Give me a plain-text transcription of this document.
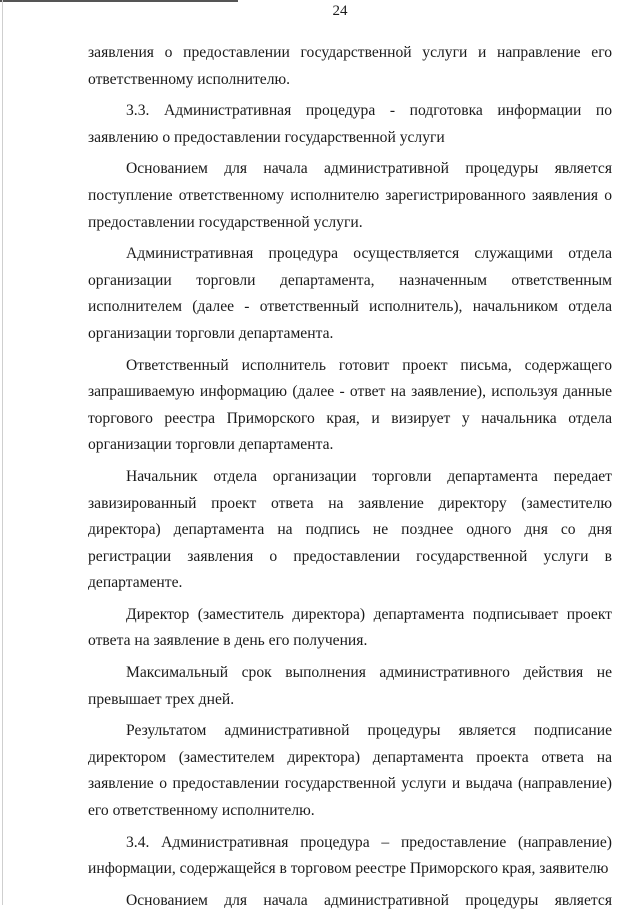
24

заявления о предоставлении государственной услуги и направление его ответственному исполнителю.

3.3. Административная процедура - подготовка информации по заявлению о предоставлении государственной услуги

Основанием для начала административной процедуры является поступление ответственному исполнителю зарегистрированного заявления о предоставлении государственной услуги.

Административная процедура осуществляется служащими отдела организации торговли департамента, назначенным ответственным исполнителем (далее - ответственный исполнитель), начальником отдела организации торговли департамента.

Ответственный исполнитель готовит проект письма, содержащего запрашиваемую информацию (далее - ответ на заявление), используя данные торгового реестра Приморского края, и визирует у начальника отдела организации торговли департамента.

Начальник отдела организации торговли департамента передает завизированный проект ответа на заявление директору (заместителю директора) департамента на подпись не позднее одного дня со дня регистрации заявления о предоставлении государственной услуги в департаменте.

Директор (заместитель директора) департамента подписывает проект ответа на заявление в день его получения.

Максимальный срок выполнения административного действия не превышает трех дней.

Результатом административной процедуры является подписание директором (заместителем директора) департамента проекта ответа на заявление о предоставлении государственной услуги и выдача (направление) его ответственному исполнителю.

3.4. Административная процедура – предоставление (направление) информации, содержащейся в торговом реестре Приморского края, заявителю

Основанием для начала административной процедуры является
